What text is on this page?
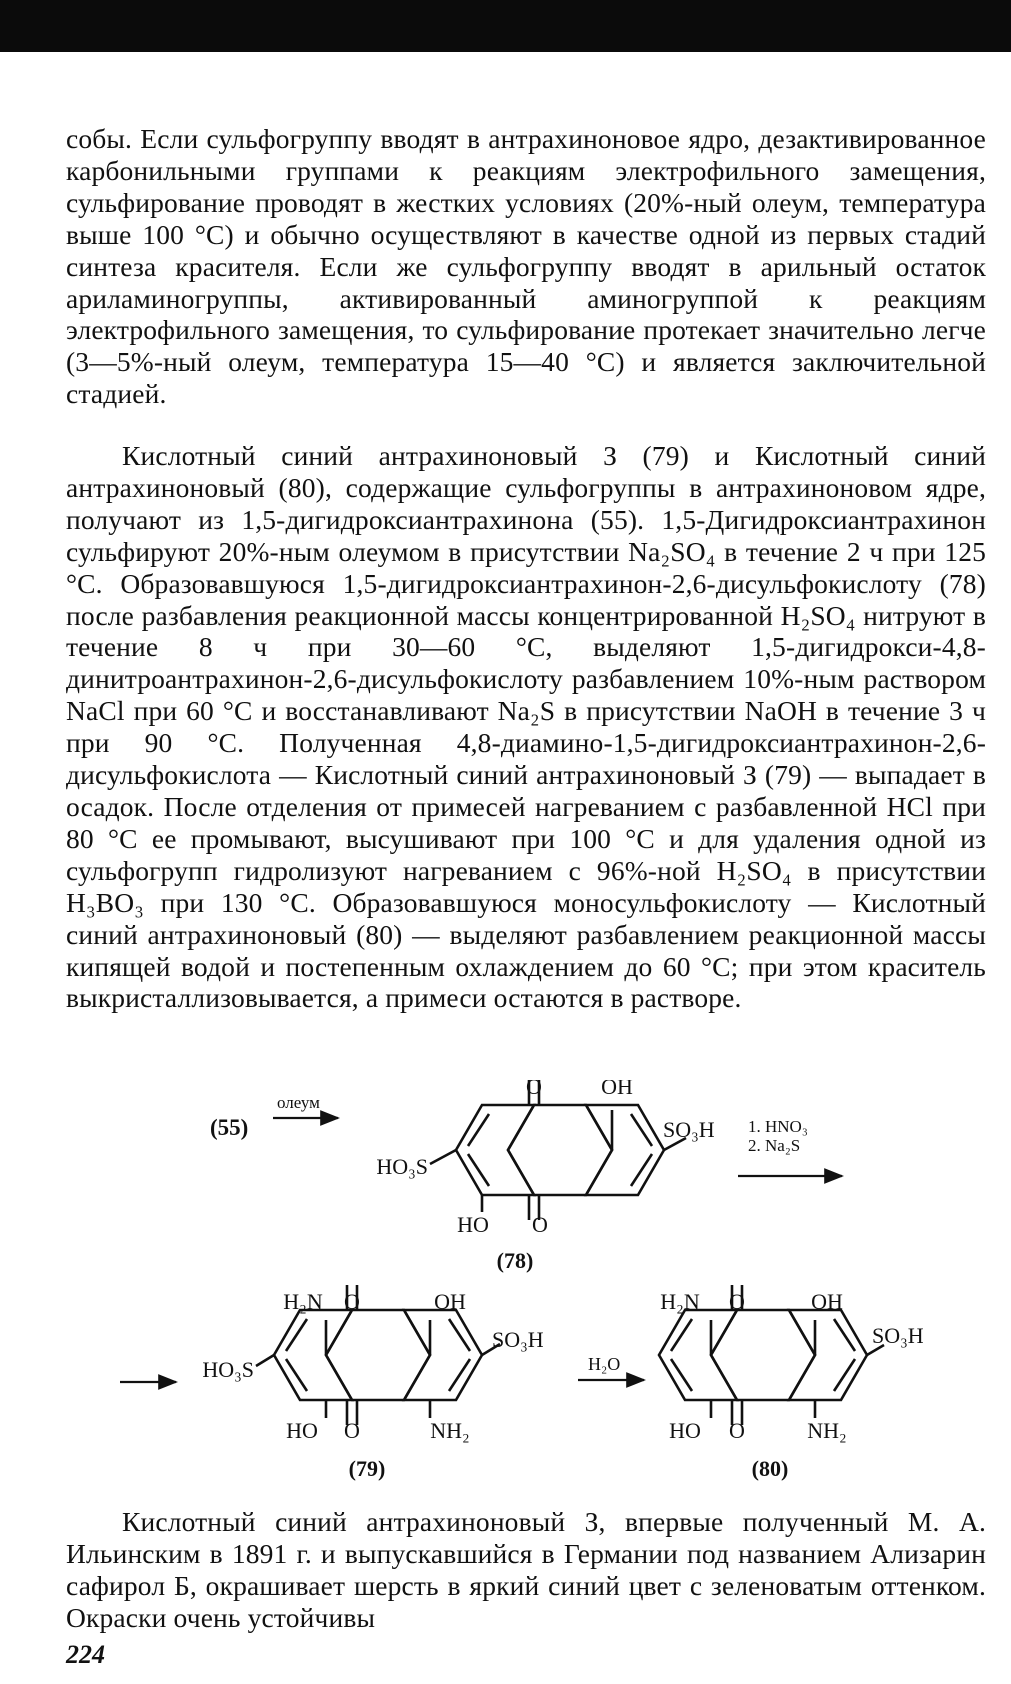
собы. Если сульфогруппу вводят в антрахиноновое ядро, дезактивированное карбонильными группами к реакциям электрофильного замещения, сульфирование проводят в жестких условиях (20%-ный олеум, температура выше 100 °С) и обычно осуществляют в качестве одной из первых стадий синтеза красителя. Если же сульфогруппу вводят в арильный остаток ариламиногруппы, активированный аминогруппой к реакциям электрофильного замещения, то сульфирование протекает значительно легче (3—5%-ный олеум, температура 15—40 °С) и является заключительной стадией.

Кислотный синий антрахиноновый З (79) и Кислотный синий антрахиноновый (80), содержащие сульфогруппы в антрахиноновом ядре, получают из 1,5-дигидроксиантрахинона (55). 1,5-Дигидроксиантрахинон сульфируют 20%-ным олеумом в присутствии Na₂SO₄ в течение 2 ч при 125 °С. Образовавшуюся 1,5-дигидроксиантрахинон-2,6-дисульфокислоту (78) после разбавления реакционной массы концентрированной H₂SO₄ нитруют в течение 8 ч при 30—60 °С, выделяют 1,5-дигидрокси-4,8-динитроантрахинон-2,6-дисульфокислоту разбавлением 10%-ным раствором NaCl при 60 °С и восстанавливают Na₂S в присутствии NaOH в течение 3 ч при 90 °С. Полученная 4,8-диамино-1,5-дигидроксиантрахинон-2,6-дисульфокислота — Кислотный синий антрахиноновый З (79) — выпадает в осадок. После отделения от примесей нагреванием с разбавленной HCl при 80 °С ее промывают, высушивают при 100 °С и для удаления одной из сульфогрупп гидролизуют нагреванием с 96%-ной H₂SO₄ в присутствии H₃BO₃ при 130 °С. Образовавшуюся моносульфокислоту — Кислотный синий антрахиноновый (80) — выделяют разбавлением реакционной массы кипящей водой и постепенным охлаждением до 60 °С; при этом краситель выкристаллизовывается, а примеси остаются в растворе.

(55)
олеум
O	OH
SO₃H
HO₃S
HO O
(78)
1. HNO₃
2. Na₂S
H₂N O	OH
SO₃H
HO₃S
HO O	NH₂
(79)
H₂O
H₂N O	OH
SO₃H
HO O	NH₂
(80)

Кислотный синий антрахиноновый З, впервые полученный М. А. Ильинским в 1891 г. и выпускавшийся в Германии под названием Ализарин сафирол Б, окрашивает шерсть в яркий синий цвет с зеленоватым оттенком. Окраски очень устойчивы

224
